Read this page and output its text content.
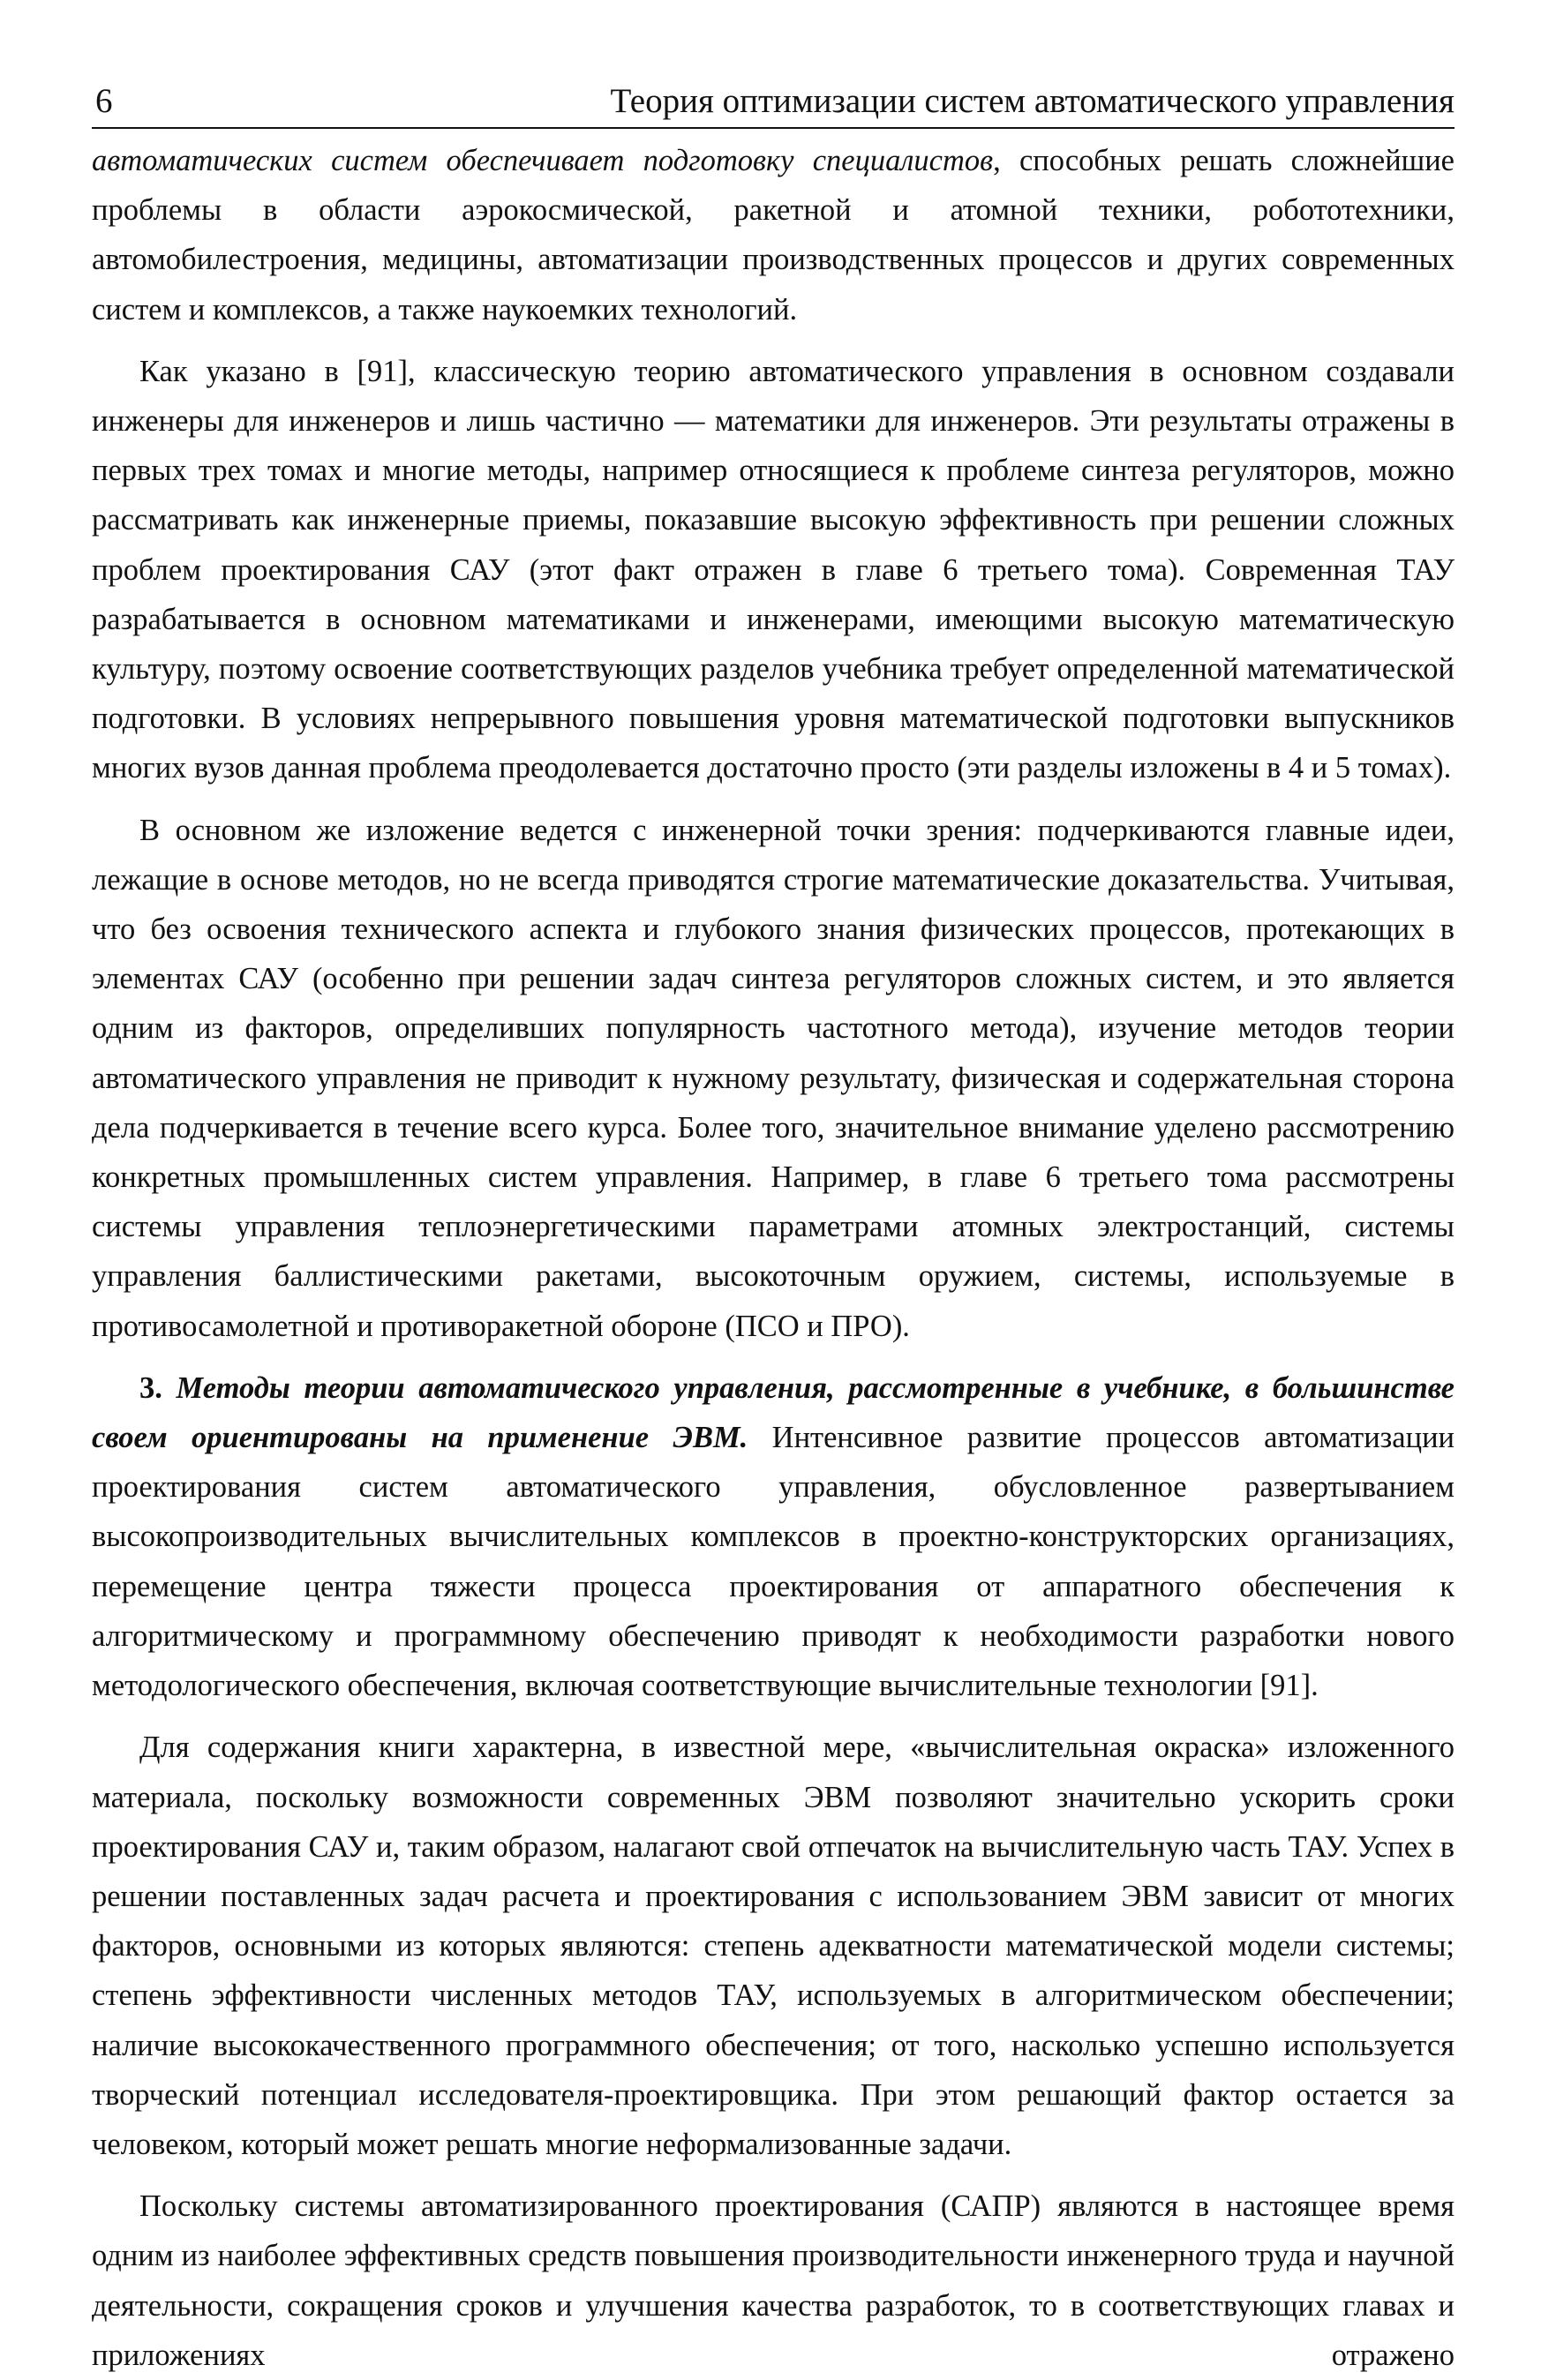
6	Теория оптимизации систем автоматического управления

автоматических систем обеспечивает подготовку специалистов, способных решать сложнейшие проблемы в области аэрокосмической, ракетной и атомной техники, робототехники, автомобилестроения, медицины, автоматизации производственных процессов и других современных систем и комплексов, а также наукоемких технологий.

Как указано в [91], классическую теорию автоматического управления в основном создавали инженеры для инженеров и лишь частично — математики для инженеров. Эти результаты отражены в первых трех томах и многие методы, например относящиеся к проблеме синтеза регуляторов, можно рассматривать как инженерные приемы, показавшие высокую эффективность при решении сложных проблем проектирования САУ (этот факт отражен в главе 6 третьего тома). Современная ТАУ разрабатывается в основном математиками и инженерами, имеющими высокую математическую культуру, поэтому освоение соответствующих разделов учебника требует определенной математической подготовки. В условиях непрерывного повышения уровня математической подготовки выпускников многих вузов данная проблема преодолевается достаточно просто (эти разделы изложены в 4 и 5 томах).

В основном же изложение ведется с инженерной точки зрения: подчеркиваются главные идеи, лежащие в основе методов, но не всегда приводятся строгие математические доказательства. Учитывая, что без освоения технического аспекта и глубокого знания физических процессов, протекающих в элементах САУ (особенно при решении задач синтеза регуляторов сложных систем, и это является одним из факторов, определивших популярность частотного метода), изучение методов теории автоматического управления не приводит к нужному результату, физическая и содержательная сторона дела подчеркивается в течение всего курса. Более того, значительное внимание уделено рассмотрению конкретных промышленных систем управления. Например, в главе 6 третьего тома рассмотрены системы управления теплоэнергетическими параметрами атомных электростанций, системы управления баллистическими ракетами, высокоточным оружием, системы, используемые в противосамолетной и противоракетной обороне (ПСО и ПРО).

3. Методы теории автоматического управления, рассмотренные в учебнике, в большинстве своем ориентированы на применение ЭВМ. Интенсивное развитие процессов автоматизации проектирования систем автоматического управления, обусловленное развертыванием высокопроизводительных вычислительных комплексов в проектно-конструкторских организациях, перемещение центра тяжести процесса проектирования от аппаратного обеспечения к алгоритмическому и программному обеспечению приводят к необходимости разработки нового методологического обеспечения, включая соответствующие вычислительные технологии [91].

Для содержания книги характерна, в известной мере, «вычислительная окраска» изложенного материала, поскольку возможности современных ЭВМ позволяют значительно ускорить сроки проектирования САУ и, таким образом, налагают свой отпечаток на вычислительную часть ТАУ. Успех в решении поставленных задач расчета и проектирования с использованием ЭВМ зависит от многих факторов, основными из которых являются: степень адекватности математической модели системы; степень эффективности численных методов ТАУ, используемых в алгоритмическом обеспечении; наличие высококачественного программного обеспечения; от того, насколько успешно используется творческий потенциал исследователя-проектировщика. При этом решающий фактор остается за человеком, который может решать многие неформализованные задачи.

Поскольку системы автоматизированного проектирования (САПР) являются в настоящее время одним из наиболее эффективных средств повышения производительности инженерного труда и научной деятельности, сокращения сроков и улучшения качества разработок, то в соответствующих главах и приложениях отражено
